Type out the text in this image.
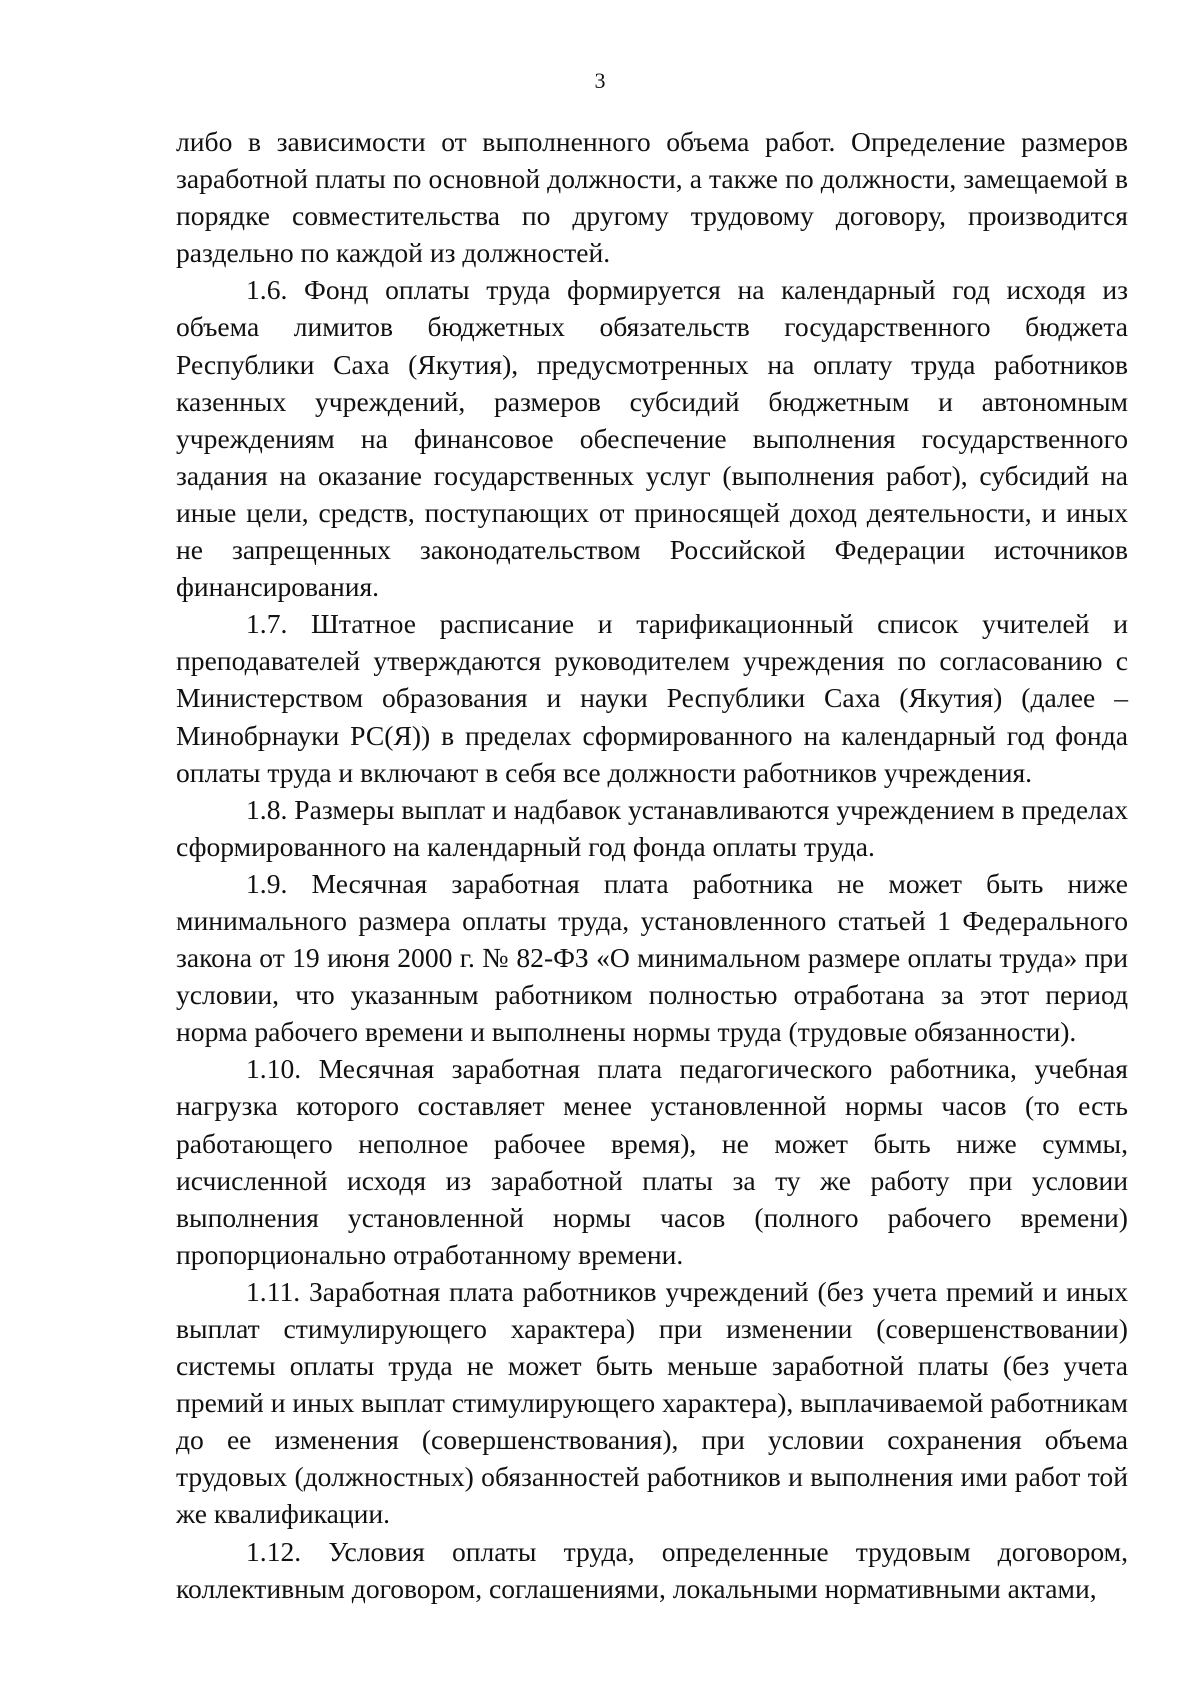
3

либо в зависимости от выполненного объема работ. Определение размеров заработной платы по основной должности, а также по должности, замещаемой в порядке совместительства по другому трудовому договору, производится раздельно по каждой из должностей.

1.6. Фонд оплаты труда формируется на календарный год исходя из объема лимитов бюджетных обязательств государственного бюджета Республики Саха (Якутия), предусмотренных на оплату труда работников казенных учреждений, размеров субсидий бюджетным и автономным учреждениям на финансовое обеспечение выполнения государственного задания на оказание государственных услуг (выполнения работ), субсидий на иные цели, средств, поступающих от приносящей доход деятельности, и иных не запрещенных законодательством Российской Федерации источников финансирования.

1.7. Штатное расписание и тарификационный список учителей и преподавателей утверждаются руководителем учреждения по согласованию с Министерством образования и науки Республики Саха (Якутия) (далее – Минобрнауки РС(Я)) в пределах сформированного на календарный год фонда оплаты труда и включают в себя все должности работников учреждения.

1.8. Размеры выплат и надбавок устанавливаются учреждением в пределах сформированного на календарный год фонда оплаты труда.

1.9. Месячная заработная плата работника не может быть ниже минимального размера оплаты труда, установленного статьей 1 Федерального закона от 19 июня 2000 г. № 82-ФЗ «О минимальном размере оплаты труда» при условии, что указанным работником полностью отработана за этот период норма рабочего времени и выполнены нормы труда (трудовые обязанности).

1.10. Месячная заработная плата педагогического работника, учебная нагрузка которого составляет менее установленной нормы часов (то есть работающего неполное рабочее время), не может быть ниже суммы, исчисленной исходя из заработной платы за ту же работу при условии выполнения установленной нормы часов (полного рабочего времени) пропорционально отработанному времени.

1.11. Заработная плата работников учреждений (без учета премий и иных выплат стимулирующего характера) при изменении (совершенствовании) системы оплаты труда не может быть меньше заработной платы (без учета премий и иных выплат стимулирующего характера), выплачиваемой работникам до ее изменения (совершенствования), при условии сохранения объема трудовых (должностных) обязанностей работников и выполнения ими работ той же квалификации.

1.12. Условия оплаты труда, определенные трудовым договором, коллективным договором, соглашениями, локальными нормативными актами,
